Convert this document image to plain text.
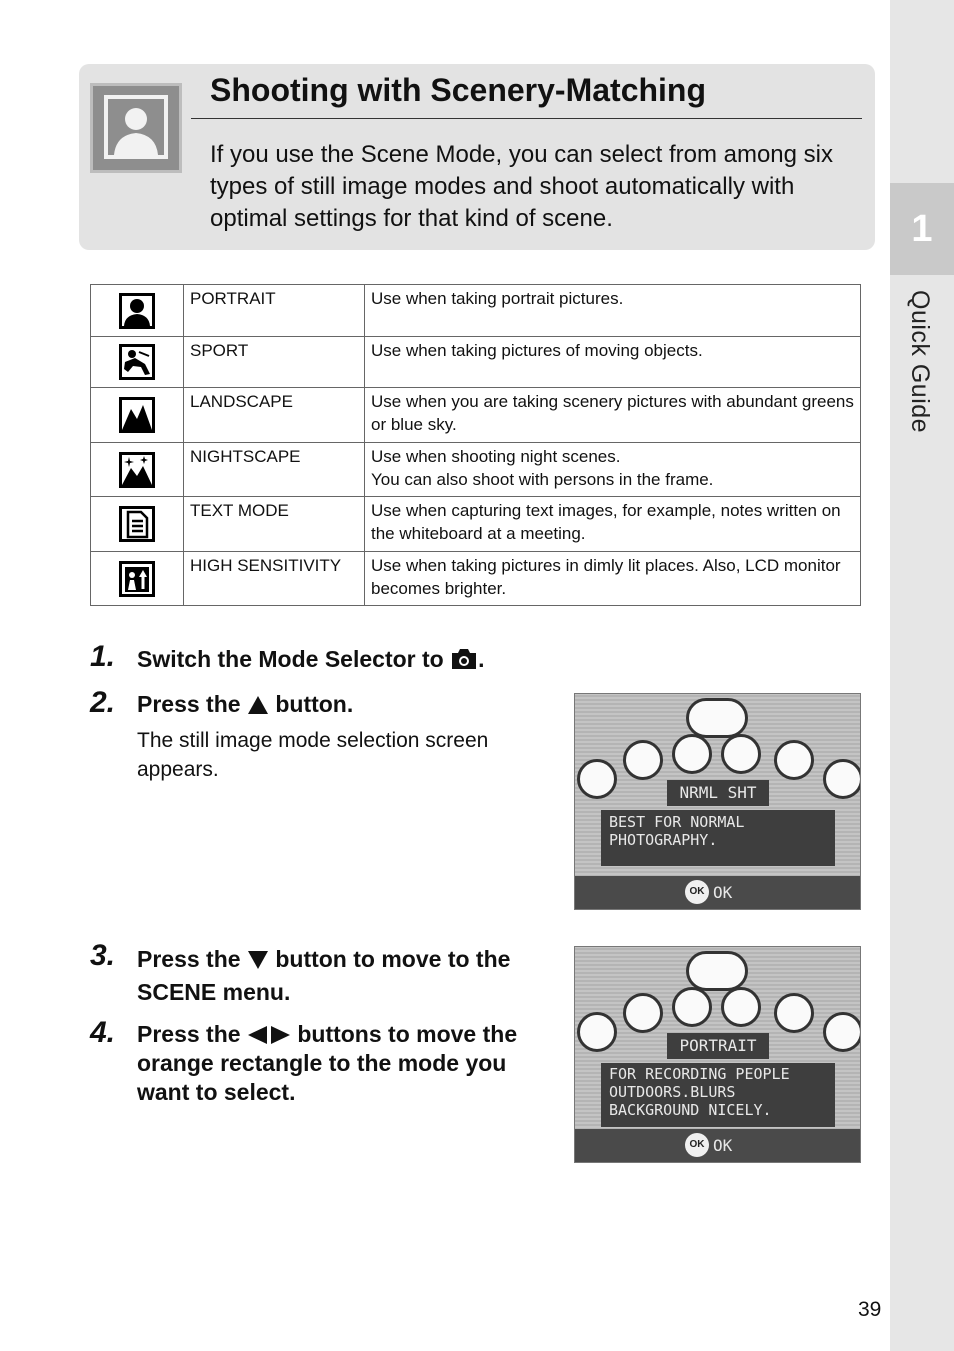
1
Quick Guide
Shooting with Scenery-Matching

If you use the Scene Mode, you can select from among six types of still image modes and shoot automatically with optimal settings for that kind of scene.

	PORTRAIT	Use when taking portrait pictures.
	SPORT	Use when taking pictures of moving objects.
	LANDSCAPE	Use when you are taking scenery pictures with abundant greens or blue sky.
	NIGHTSCAPE	Use when shooting night scenes.
You can also shoot with persons in the frame.
	TEXT MODE	Use when capturing text images, for example, notes written on the whiteboard at a meeting.
	HIGH SENSITIVITY	Use when taking pictures in dimly lit places. Also, LCD monitor becomes brighter.
1. Switch the Mode Selector to .

2. Press the  button.

The still image mode selection screen appears.

NRML SHT
BEST FOR NORMAL
PHOTOGRAPHY.
OK OK
3. Press the  button to move to the SCENE menu.

4. Press the  buttons to move the orange rectangle to the mode you want to select.

PORTRAIT
FOR RECORDING PEOPLE
OUTDOORS.BLURS
BACKGROUND NICELY.
OK OK
39
